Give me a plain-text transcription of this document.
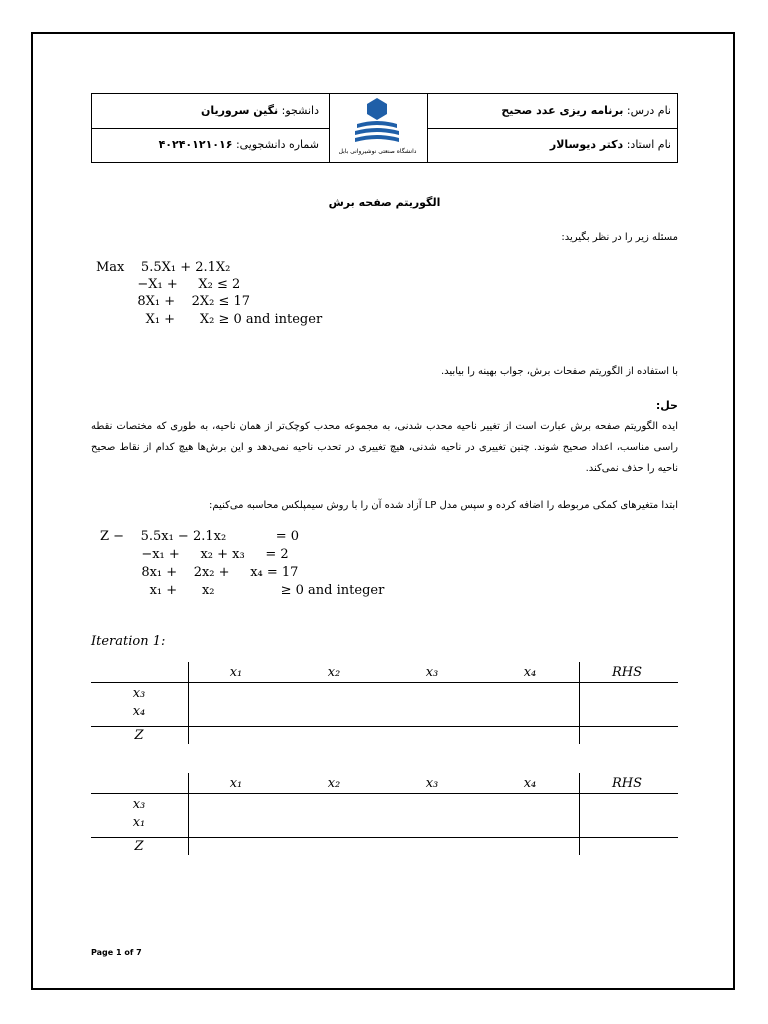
نام درس: برنامه ریزی عدد صحیح
نام استاد: دکتر دیوسالار
دانشجو: نگین سروریان
شماره دانشجویی: ۴۰۲۴۰۱۲۱۰۱۶
دانشگاه صنعتی نوشیروانی بابل
الگوریتم صفحه برش
مسئله زیر را در نظر بگیرید:
Max    5.5X₁ + 2.1X₂
−X₁ +     X₂ ≤ 2
8X₁ +    2X₂ ≤ 17
X₁ +      X₂ ≥ 0 and integer
با استفاده از الگوریتم صفحات برش، جواب بهینه را بیابید.
حل:
ایده الگوریتم صفحه برش عبارت است از تغییر ناحیه محدب شدنی، به مجموعه محدب کوچک‌تر از همان ناحیه، به طوری که مختصات نقطه راسی مناسب، اعداد صحیح شوند. چنین تغییری در ناحیه شدنی، هیچ تغییری در تحدب ناحیه نمی‌دهد و این برش‌ها هیچ کدام از نقاط صحیح ناحیه را حذف نمی‌کند.
ابتدا متغیرهای کمکی مربوطه را اضافه کرده و سپس مدل LP آزاد شده آن را با روش سیمپلکس محاسبه می‌کنیم:
Z −    5.5x₁ − 2.1x₂            = 0
−x₁ +     x₂ + x₃     = 2
8x₁ +    2x₂ +     x₄ = 17
x₁ +      x₂                ≥ 0 and integer
Iteration 1:
x₁	x₂	x₃	x₄	RHS
x₃
x₄
Z
x₁	x₂	x₃	x₄	RHS
x₃
x₁
Z
Page 1 of 7
